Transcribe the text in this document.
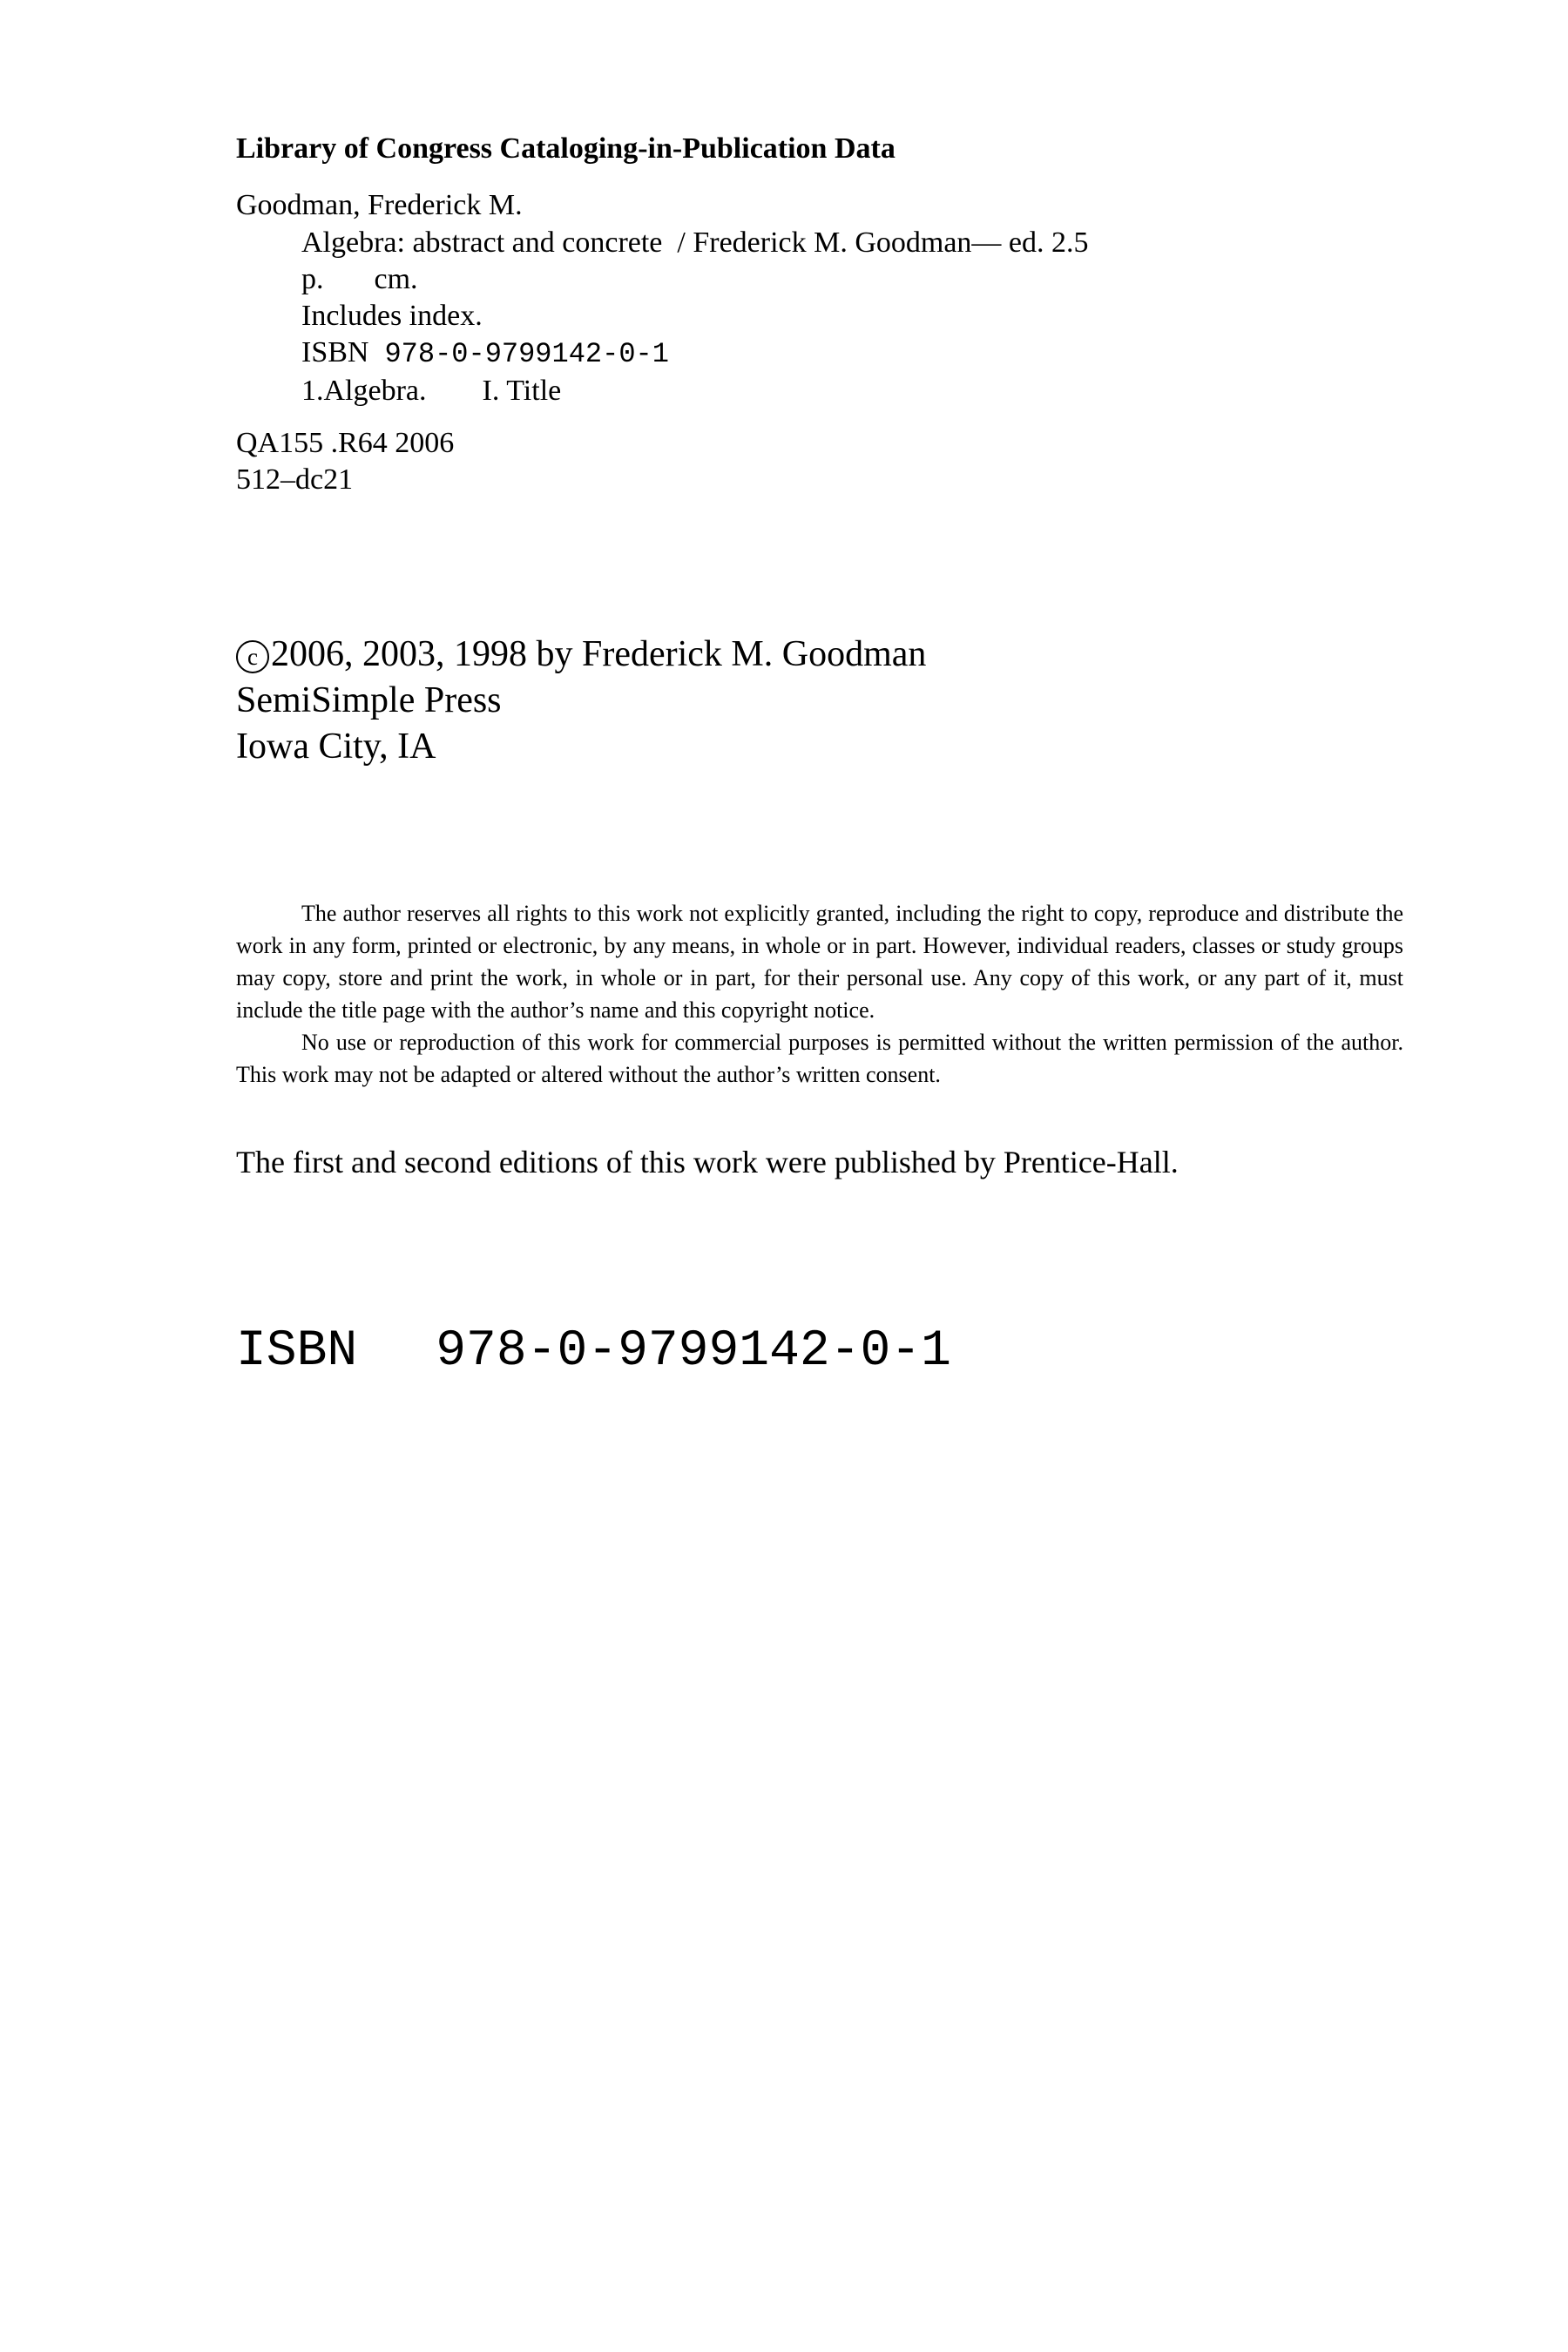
Library of Congress Cataloging-in-Publication Data
Goodman, Frederick M.
Algebra: abstract and concrete  / Frederick M. Goodman— ed. 2.5
p. cm.
Includes index.
ISBN 978-0-9799142-0-1
1.Algebra. I. Title
QA155 .R64 2006
512–dc21
c 2006, 2003, 1998 by Frederick M. Goodman
SemiSimple Press
Iowa City, IA

The author reserves all rights to this work not explicitly granted, including the right to copy, reproduce and distribute the work in any form, printed or electronic, by any means, in whole or in part. However, individual readers, classes or study groups may copy, store and print the work, in whole or in part, for their personal use. Any copy of this work, or any part of it, must include the title page with the author’s name and this copyright notice.

No use or reproduction of this work for commercial purposes is permitted without the written permission of the author. This work may not be adapted or altered without the author’s written consent.

The first and second editions of this work were published by Prentice-Hall.
ISBN 978-0-9799142-0-1
